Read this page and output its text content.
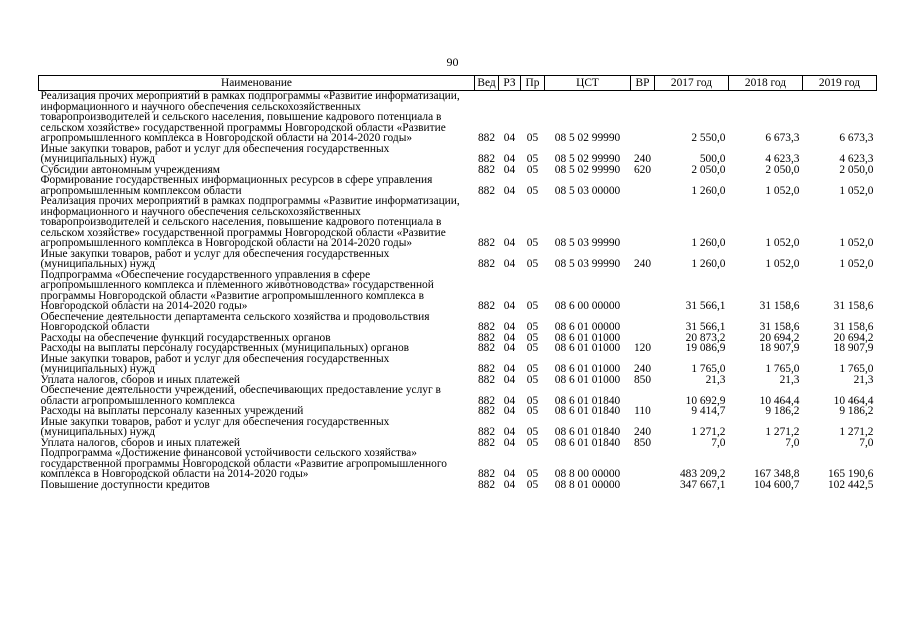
90
Наименование	Вед	РЗ	Пр	ЦСТ	ВР	2017 год	2018 год	2019 год
Реализация прочих мероприятий в рамках подпрограммы «Развитие информатизации, информационного и научного обеспечения сельскохозяйственных товаропроизводителей и сельского населения, повышение кадрового потенциала в сельском хозяйстве» государственной программы Новгородской области «Развитие агропромышленного комплекса в Новгородской области на 2014-2020 годы»	882	04	05	08 5 02 99990		2 550,0	6 673,3	6 673,3
Иные закупки товаров, работ и услуг для обеспечения государственных (муниципальных) нужд	882	04	05	08 5 02 99990	240	500,0	4 623,3	4 623,3
Субсидии автономным учреждениям	882	04	05	08 5 02 99990	620	2 050,0	2 050,0	2 050,0
Формирование государственных информационных ресурсов в сфере управления агропромышленным комплексом области	882	04	05	08 5 03 00000		1 260,0	1 052,0	1 052,0
Реализация прочих мероприятий в рамках подпрограммы «Развитие информатизации, информационного и научного обеспечения сельскохозяйственных товаропроизводителей и сельского населения, повышение кадрового потенциала в сельском хозяйстве» государственной программы Новгородской области «Развитие агропромышленного комплекса в Новгородской области на 2014-2020 годы»	882	04	05	08 5 03 99990		1 260,0	1 052,0	1 052,0
Иные закупки товаров, работ и услуг для обеспечения государственных (муниципальных) нужд	882	04	05	08 5 03 99990	240	1 260,0	1 052,0	1 052,0
Подпрограмма «Обеспечение государственного управления в сфере агропромышленного комплекса и племенного животноводства» государственной программы Новгородской области «Развитие агропромышленного комплекса в Новгородской области на 2014-2020 годы»	882	04	05	08 6 00 00000		31 566,1	31 158,6	31 158,6
Обеспечение деятельности департамента сельского хозяйства и продовольствия Новгородской области	882	04	05	08 6 01 00000		31 566,1	31 158,6	31 158,6
Расходы на обеспечение функций государственных органов	882	04	05	08 6 01 01000		20 873,2	20 694,2	20 694,2
Расходы на выплаты персоналу государственных (муниципальных) органов	882	04	05	08 6 01 01000	120	19 086,9	18 907,9	18 907,9
Иные закупки товаров, работ и услуг для обеспечения государственных (муниципальных) нужд	882	04	05	08 6 01 01000	240	1 765,0	1 765,0	1 765,0
Уплата налогов, сборов и иных платежей	882	04	05	08 6 01 01000	850	21,3	21,3	21,3
Обеспечение деятельности учреждений, обеспечивающих предоставление услуг в области агропромышленного комплекса	882	04	05	08 6 01 01840		10 692,9	10 464,4	10 464,4
Расходы на выплаты персоналу казенных учреждений	882	04	05	08 6 01 01840	110	9 414,7	9 186,2	9 186,2
Иные закупки товаров, работ и услуг для обеспечения государственных (муниципальных) нужд	882	04	05	08 6 01 01840	240	1 271,2	1 271,2	1 271,2
Уплата налогов, сборов и иных платежей	882	04	05	08 6 01 01840	850	7,0	7,0	7,0
Подпрограмма «Достижение финансовой устойчивости сельского хозяйства» государственной программы Новгородской области «Развитие агропромышленного комплекса в Новгородской области на 2014-2020 годы»	882	04	05	08 8 00 00000		483 209,2	167 348,8	165 190,6
Повышение доступности кредитов	882	04	05	08 8 01 00000		347 667,1	104 600,7	102 442,5
